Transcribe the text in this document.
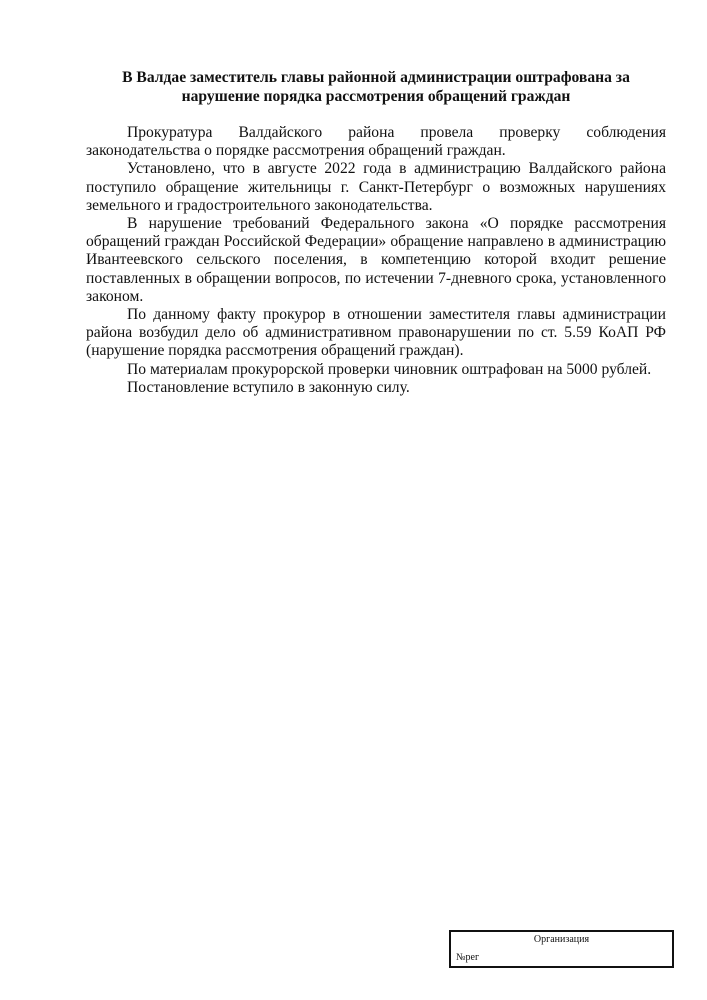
В Валдае заместитель главы районной администрации оштрафована за нарушение порядка рассмотрения обращений граждан

Прокуратура Валдайского района провела проверку соблюдения законодательства о порядке рассмотрения обращений граждан.

Установлено, что в августе 2022 года в администрацию Валдайского района поступило обращение жительницы г. Санкт-Петербург о возможных нарушениях земельного и градостроительного законодательства.

В нарушение требований Федерального закона «О порядке рассмотрения обращений граждан Российской Федерации» обращение направлено в администрацию Ивантеевского сельского поселения, в компетенцию которой входит решение поставленных в обращении вопросов, по истечении 7-дневного срока, установленного законом.

По данному факту прокурор в отношении заместителя главы администрации района возбудил дело об административном правонарушении по ст. 5.59 КоАП РФ (нарушение порядка рассмотрения обращений граждан).

По материалам прокурорской проверки чиновник оштрафован на 5000 рублей.

Постановление вступило в законную силу.

Организация
№рег
